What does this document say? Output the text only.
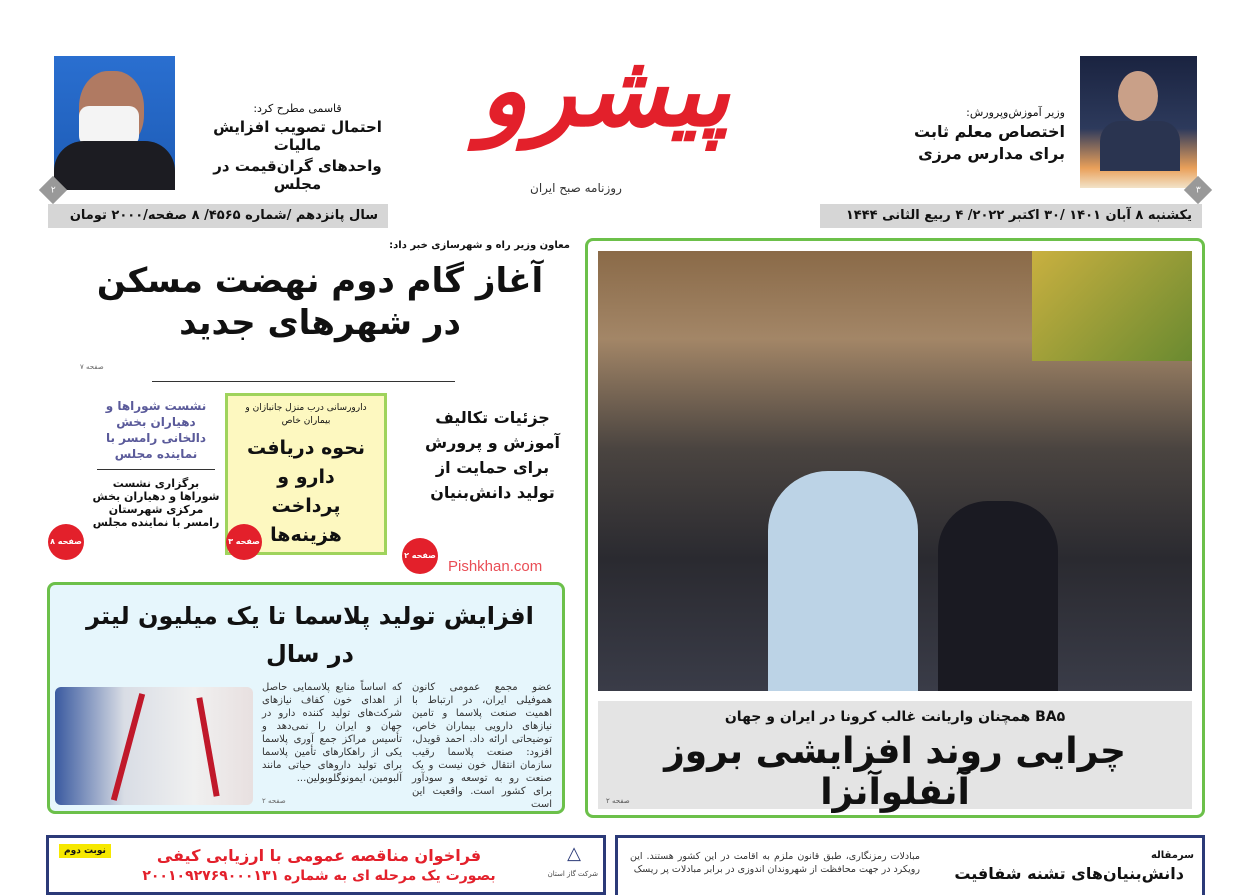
پیشرو
روزنامه صبح ایران	۳
وزیر آموزش‌وپرورش:
اختصاص معلم ثابت
برای مدارس مرزی
۲
قاسمی مطرح کرد:
احتمال تصویب افزایش مالیات
واحدهای گران‌قیمت در مجلس
یکشنبه ۸ آبان ۱۴۰۱ /۳۰ اکتبر ۲۰۲۲/ ۴ ربیع الثانی ۱۴۴۴
سال پانزدهم /شماره ۴۵۶۵/ ۸ صفحه/۲۰۰۰ تومان
معاون وزیر راه و شهرسازی خبر داد:
آغاز گام دوم نهضت مسکن
در شهرهای جدید
صفحه ۷
نشست شوراها و دهیاران بخش دالخانی رامسر با نماینده مجلس
برگزاری نشست شوراها و دهیاران بخش مرکزی شهرستان رامسر با نماینده مجلس
صفحه ۸
دارورسانی درب منزل جانبازان و بیماران خاص
نحوه دریافت دارو و پرداخت هزینه‌ها
صفحه ۳
جزئیات تکالیف آموزش و پرورش برای حمایت از تولید دانش‌بنیان
صفحه ۲
Pishkhan.com
افزایش تولید پلاسما تا یک میلیون لیتر در سال
عضو مجمع عمومی کانون هموفیلی ایران، در ارتباط با اهمیت صنعت پلاسما و تامین نیازهای دارویی بیماران خاص، توضیحاتی ارائه داد. احمد قویدل، افزود: صنعت پلاسما رقیب سازمان انتقال خون نیست و یک صنعت رو به توسعه و سودآور برای کشور است. واقعیت این است
که اساساً منابع پلاسمایی حاصل از اهدای خون کفاف نیازهای شرکت‌های تولید کننده دارو در جهان و ایران را نمی‌دهد و تأسیس مراکز جمع آوری پلاسما یکی از راهکارهای تأمین پلاسما برای تولید داروهای حیاتی مانند آلبومین، ایمونوگلوبولین...
صفحه ۲
BA۵ همچنان واریانت غالب کرونا در ایران و جهان
چرایی روند افزایشی بروز آنفلوآنزا
صفحه ۲
نوبت دوم	فراخوان مناقصه عمومی با ارزیابی کیفی
بصورت یک مرحله ای به شماره ۲۰۰۱۰۹۲۷۶۹۰۰۰۱۳۱
△
شرکت گاز استان
سرمقاله
دانش‌بنیان‌های تشنه شفافیت
مبادلات رمزنگاری، طبق قانون ملزم به اقامت در این کشور هستند. این رویکرد در جهت محافظت از شهروندان اندوزی در برابر مبادلات پر ریسک
